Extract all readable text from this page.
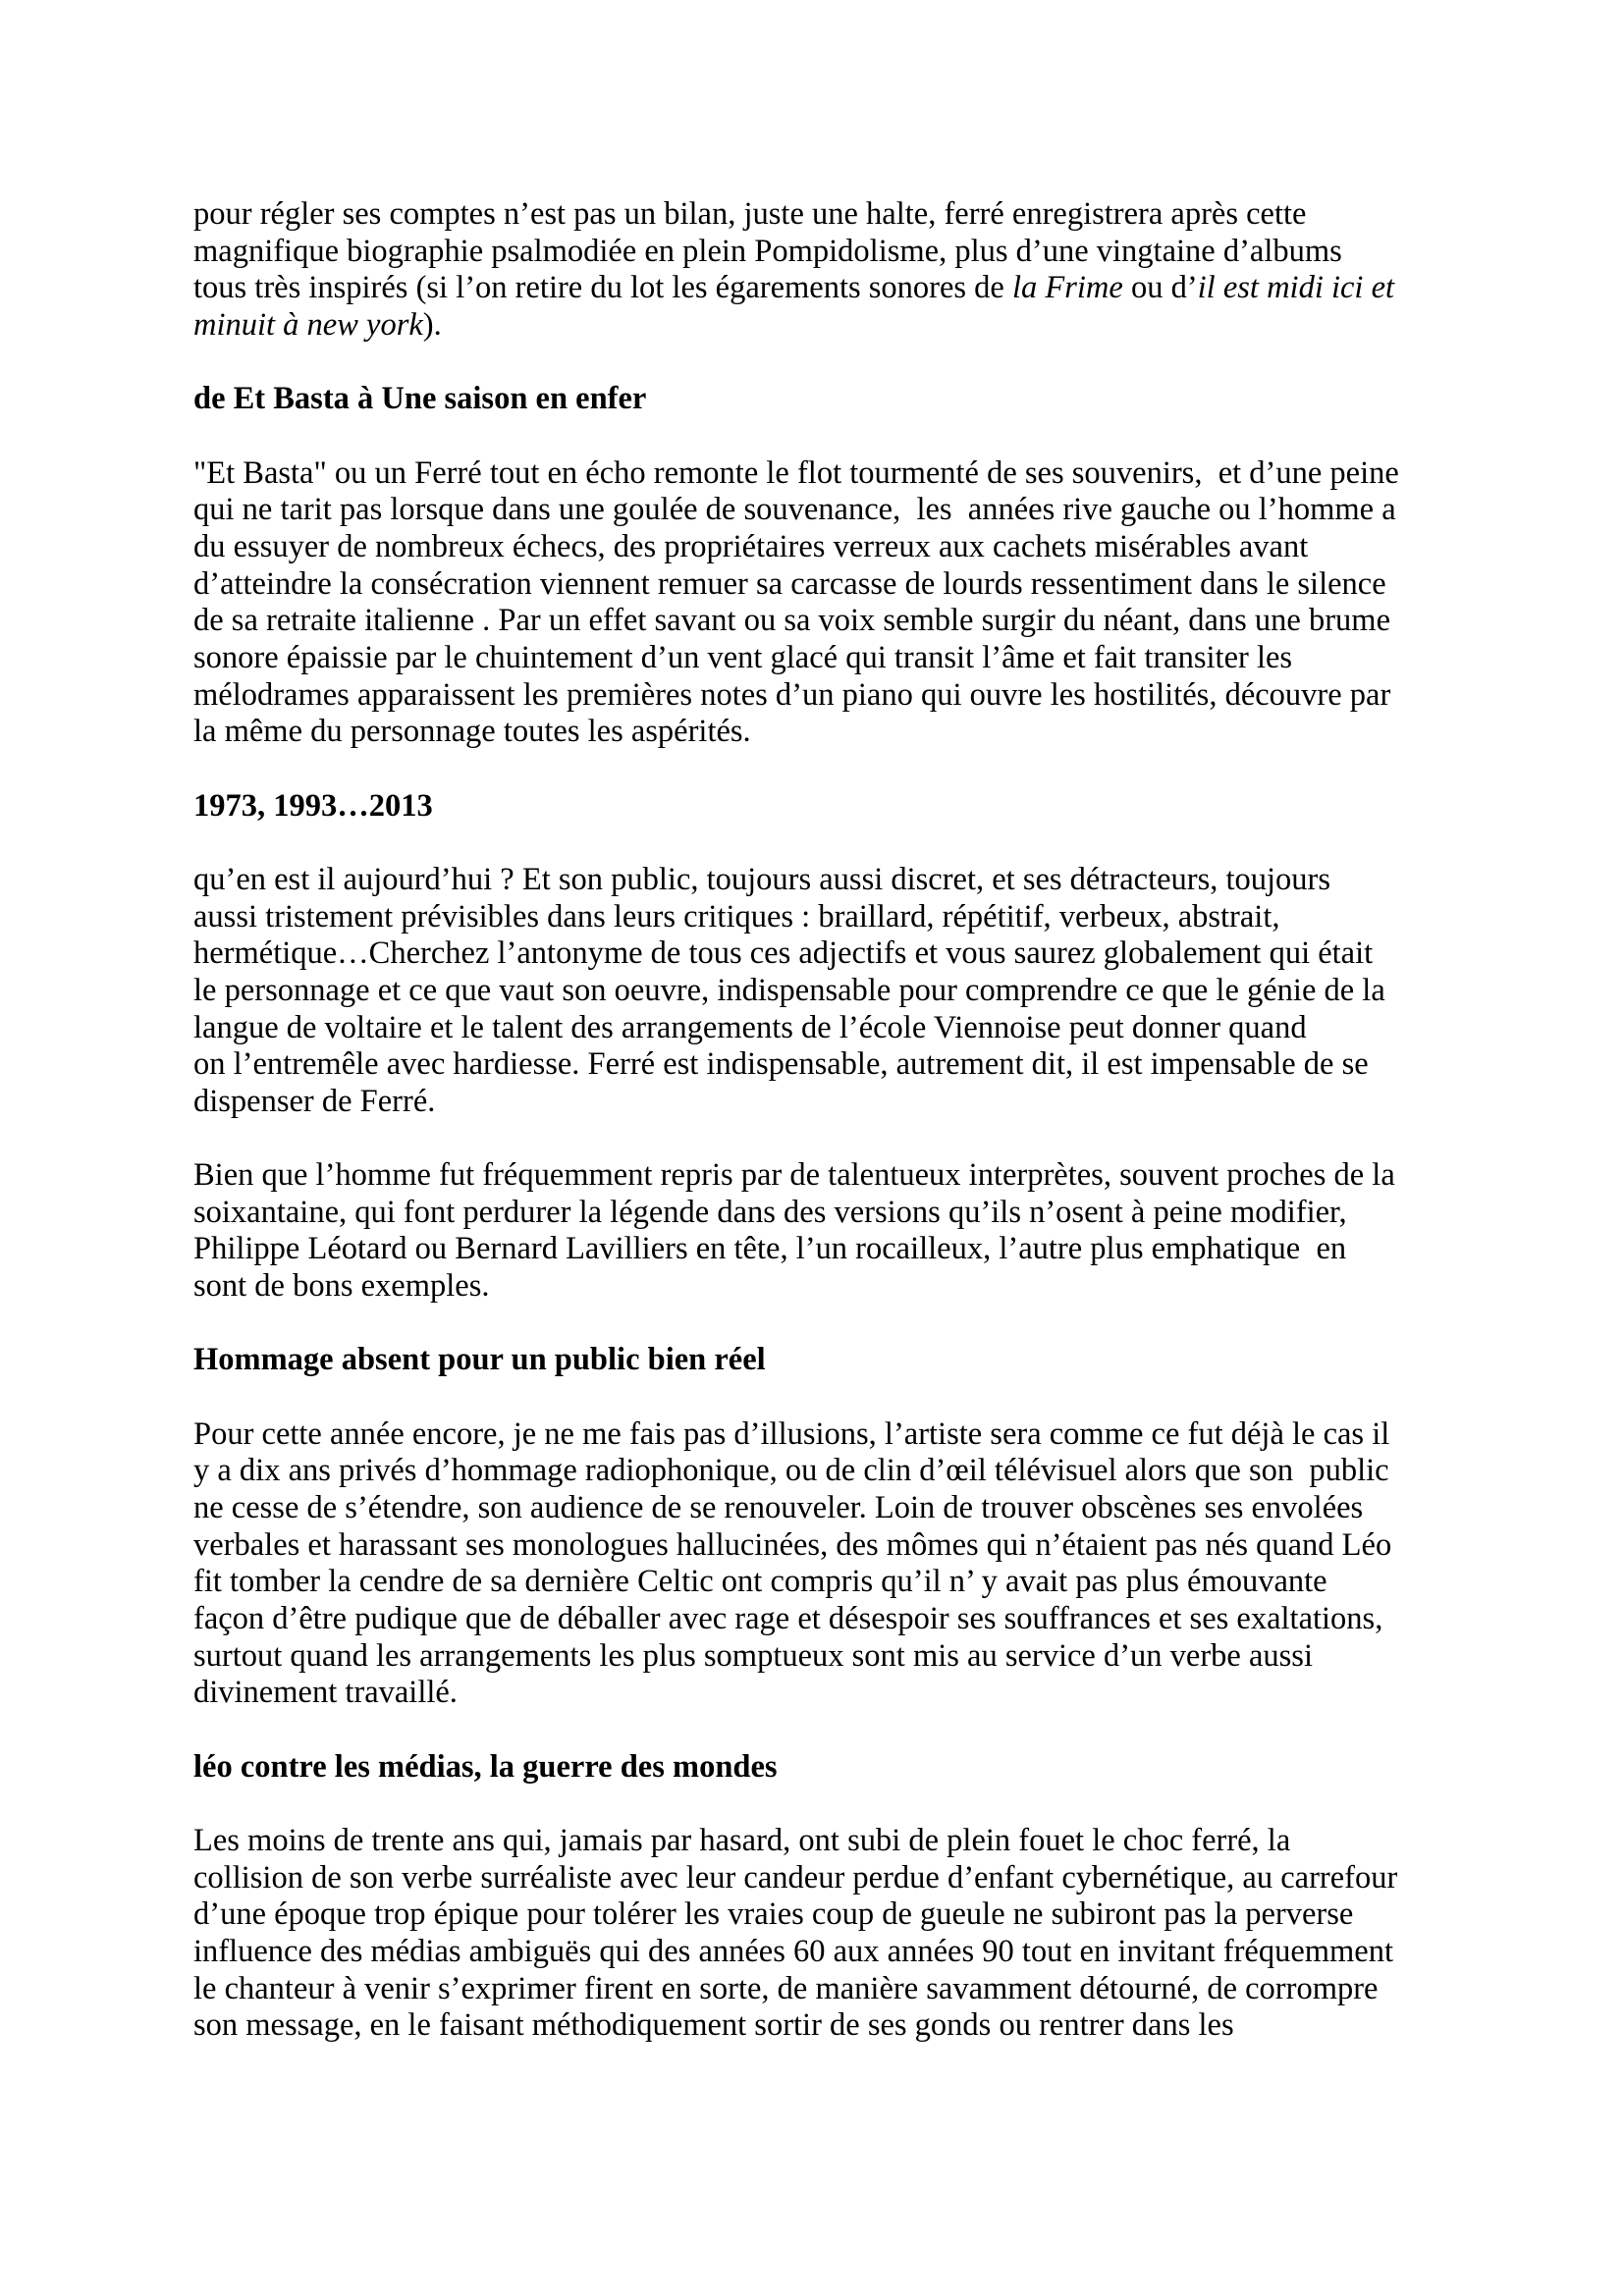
pour régler ses comptes n’est pas un bilan, juste une halte, ferré enregistrera après cette
magnifique biographie psalmodiée en plein Pompidolisme, plus d’une vingtaine d’albums
tous très inspirés (si l’on retire du lot les égarements sonores de la Frime ou d’il est midi ici et
minuit à new york).
de Et Basta à Une saison en enfer
"Et Basta" ou un Ferré tout en écho remonte le flot tourmenté de ses souvenirs,  et d’une peine
qui ne tarit pas lorsque dans une goulée de souvenance,  les  années rive gauche ou l’homme a
du essuyer de nombreux échecs, des propriétaires verreux aux cachets misérables avant
d’atteindre la consécration viennent remuer sa carcasse de lourds ressentiment dans le silence
de sa retraite italienne . Par un effet savant ou sa voix semble surgir du néant, dans une brume
sonore épaissie par le chuintement d’un vent glacé qui transit l’âme et fait transiter les
mélodrames apparaissent les premières notes d’un piano qui ouvre les hostilités, découvre par
la même du personnage toutes les aspérités.
1973, 1993…2013
qu’en est il aujourd’hui ? Et son public, toujours aussi discret, et ses détracteurs, toujours
aussi tristement prévisibles dans leurs critiques : braillard, répétitif, verbeux, abstrait,
hermétique…Cherchez l’antonyme de tous ces adjectifs et vous saurez globalement qui était
le personnage et ce que vaut son oeuvre, indispensable pour comprendre ce que le génie de la
langue de voltaire et le talent des arrangements de l’école Viennoise peut donner quand
on l’entremêle avec hardiesse. Ferré est indispensable, autrement dit, il est impensable de se
dispenser de Ferré.
Bien que l’homme fut fréquemment repris par de talentueux interprètes, souvent proches de la
soixantaine, qui font perdurer la légende dans des versions qu’ils n’osent à peine modifier,
Philippe Léotard ou Bernard Lavilliers en tête, l’un rocailleux, l’autre plus emphatique  en
sont de bons exemples.
Hommage absent pour un public bien réel
Pour cette année encore, je ne me fais pas d’illusions, l’artiste sera comme ce fut déjà le cas il
y a dix ans privés d’hommage radiophonique, ou de clin d’œil télévisuel alors que son  public
ne cesse de s’étendre, son audience de se renouveler. Loin de trouver obscènes ses envolées
verbales et harassant ses monologues hallucinées, des mômes qui n’étaient pas nés quand Léo
fit tomber la cendre de sa dernière Celtic ont compris qu’il n’ y avait pas plus émouvante
façon d’être pudique que de déballer avec rage et désespoir ses souffrances et ses exaltations,
surtout quand les arrangements les plus somptueux sont mis au service d’un verbe aussi
divinement travaillé.
léo contre les médias, la guerre des mondes
Les moins de trente ans qui, jamais par hasard, ont subi de plein fouet le choc ferré, la
collision de son verbe surréaliste avec leur candeur perdue d’enfant cybernétique, au carrefour
d’une époque trop épique pour tolérer les vraies coup de gueule ne subiront pas la perverse
influence des médias ambiguës qui des années 60 aux années 90 tout en invitant fréquemment
le chanteur à venir s’exprimer firent en sorte, de manière savamment détourné, de corrompre
son message, en le faisant méthodiquement sortir de ses gonds ou rentrer dans les
